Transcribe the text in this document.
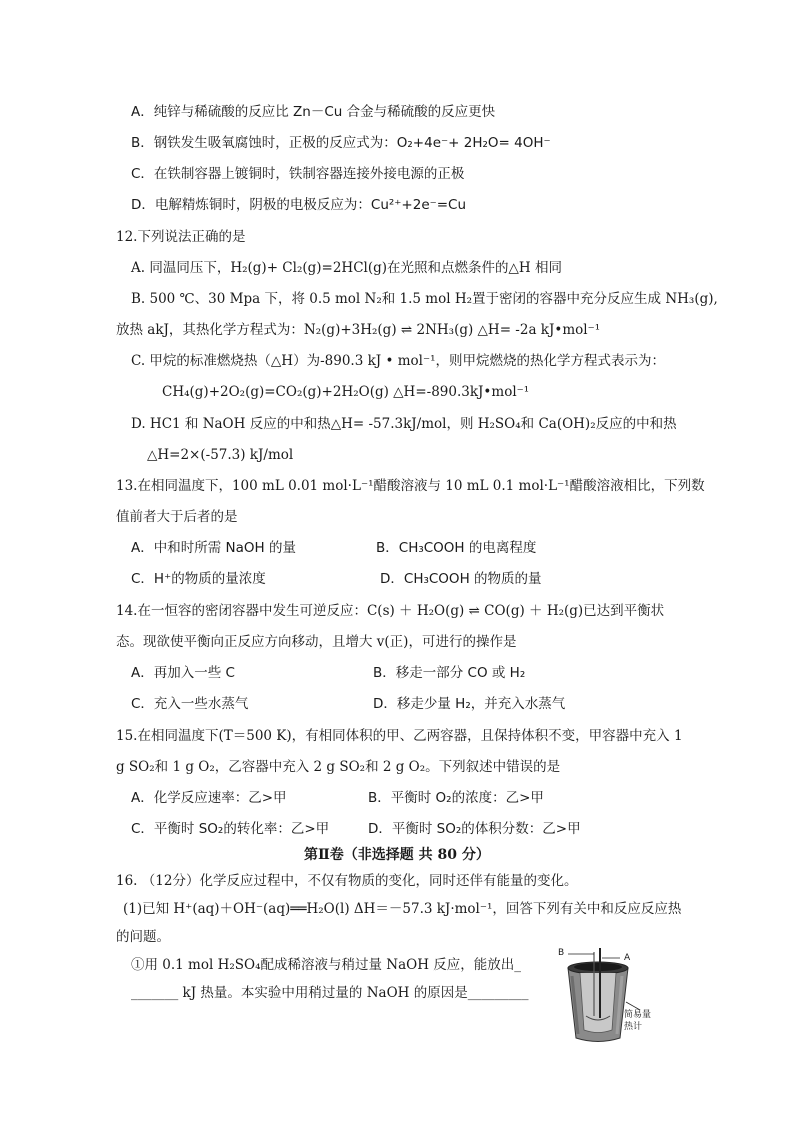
A．纯锌与稀硫酸的反应比 Zn－Cu 合金与稀硫酸的反应更快
B．钢铁发生吸氧腐蚀时，正极的反应式为：O₂+4e⁻+ 2H₂O= 4OH⁻
C．在铁制容器上镀铜时，铁制容器连接外接电源的正极
D．电解精炼铜时，阴极的电极反应为：Cu²⁺+2e⁻=Cu
12.下列说法正确的是
A. 同温同压下，H₂(g)+ Cl₂(g)=2HCl(g)在光照和点燃条件的△H 相同
B. 500 ℃、30 Mpa 下，将 0.5 mol N₂和 1.5 mol H₂置于密闭的容器中充分反应生成 NH₃(g),
放热 akJ，其热化学方程式为：N₂(g)+3H₂(g) ⇌ 2NH₃(g) △H= -2a kJ•mol⁻¹
C. 甲烷的标准燃烧热（△H）为-890.3 kJ • mol⁻¹，则甲烷燃烧的热化学方程式表示为：
CH₄(g)+2O₂(g)=CO₂(g)+2H₂O(g) △H=-890.3kJ•mol⁻¹
D. HC1 和 NaOH 反应的中和热△H= -57.3kJ/mol，则 H₂SO₄和 Ca(OH)₂反应的中和热
△H=2×(-57.3) kJ/mol
13.在相同温度下，100 mL 0.01 mol·L⁻¹醋酸溶液与 10 mL 0.1 mol·L⁻¹醋酸溶液相比，下列数
值前者大于后者的是
A．中和时所需 NaOH 的量	B．CH₃COOH 的电离程度
C．H⁺的物质的量浓度	D．CH₃COOH 的物质的量
14.在一恒容的密闭容器中发生可逆反应：C(s) ＋ H₂O(g) ⇌ CO(g) ＋ H₂(g)已达到平衡状
态。现欲使平衡向正反应方向移动，且增大 v(正)，可进行的操作是
A．再加入一些 C	B．移走一部分 CO 或 H₂
C．充入一些水蒸气	D．移走少量 H₂，并充入水蒸气
15.在相同温度下(T＝500 K)，有相同体积的甲、乙两容器，且保持体积不变，甲容器中充入 1
g SO₂和 1 g O₂，乙容器中充入 2 g SO₂和 2 g O₂。下列叙述中错误的是
A．化学反应速率：乙>甲	B．平衡时 O₂的浓度：乙>甲
C．平衡时 SO₂的转化率：乙>甲	D．平衡时 SO₂的体积分数：乙>甲
第Ⅱ卷（非选择题 共 80 分）
16. （12分）化学反应过程中，不仅有物质的变化，同时还伴有能量的变化。
(1)已知 H⁺(aq)＋OH⁻(aq)══H₂O(l) ΔH＝－57.3 kJ·mol⁻¹，回答下列有关中和反应反应热
的问题。
①用 0.1 mol H₂SO₄配成稀溶液与稍过量 NaOH 反应，能放出_
_______ kJ 热量。本实验中用稍过量的 NaOH 的原因是_________
B	A
简易量
热计
